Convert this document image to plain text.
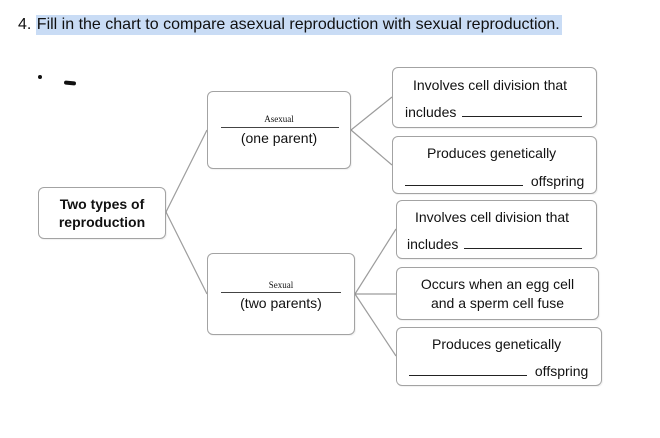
4. Fill in the chart to compare asexual reproduction with sexual reproduction.
Two types of
reproduction
Asexual
(one parent)
Sexual
(two parents)
Involves cell division that
includes
Produces genetically
offspring
Involves cell division that
includes
Occurs when an egg cell
and a sperm cell fuse
Produces genetically
offspring
